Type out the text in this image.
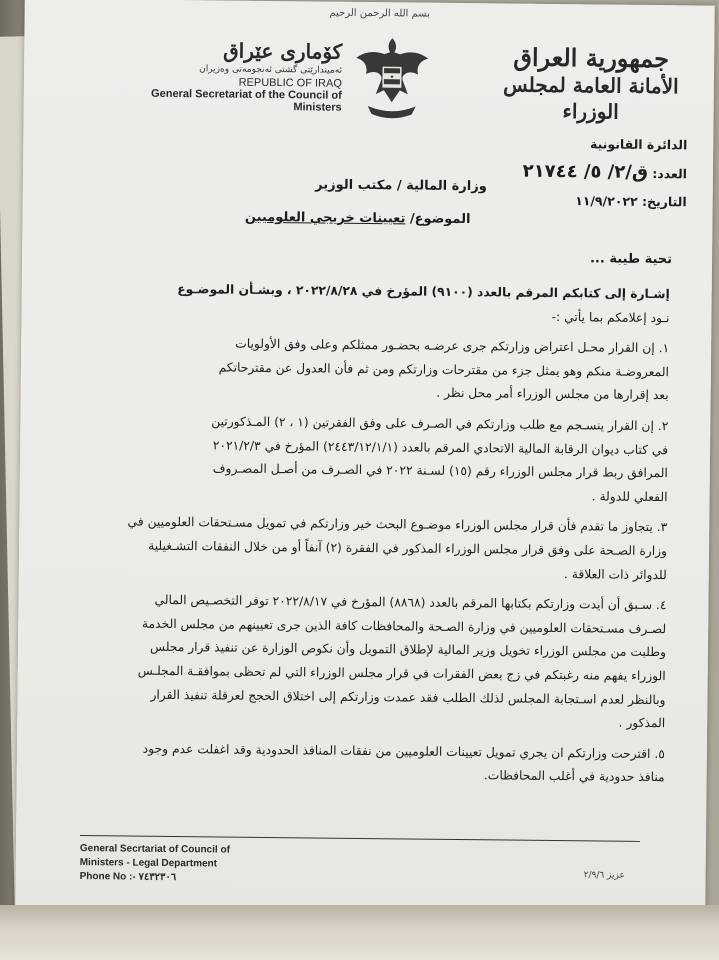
بسم الله الرحمن الرحيم
جمهورية العراق
الأمانة العامة لمجلس الوزراء
★
كۆماری عێراق
ئەمیندارێتی گشتی ئەنجومەنی وەزیران
REPUBLIC OF IRAQ
General Secretariat of the Council of Ministers
الدائرة القانونية
العدد: ق/٢/ ٥/ ٢١٧٤٤
التاريخ: ١١/٩/٢٠٢٢
وزارة المالية / مكتب الوزير
الموضوع/ تعيينات خريجي العلوميين
تحية طيبة ...

إشـارة إلى كتابكم المرقم بالعدد (٩١٠٠) المؤرخ في ٢٠٢٢/٨/٢٨ ، وبشـأن الموضـوع

نـود إعلامكم بما يأتي :-

١. إن القرار محـل اعتراض وزارتكم جرى عرضـه بحضـور ممثلكم وعلى وفق الأولويات

المعروضـة منكم وهو يمثل جزء من مقترحات وزارتكم ومن ثم فأن العدول عن مقترحاتكم

بعد إقرارها من مجلس الوزراء أمر محل نظر .

٢. إن القرار ينسـجم مع طلب وزارتكم في الصـرف على وفق الفقرتين (١ ، ٢) المـذكورتين

في كتاب ديوان الرقابة المالية الاتحادي المرقم بالعدد (٢٤٤٣/١٢/١/١) المؤرخ في ٢٠٢١/٢/٣

المرافق ربط قرار مجلس الوزراء رقم (١٥) لسـنة ٢٠٢٢ في الصـرف من أصـل المصـروف

الفعلي للدولة .

٣. يتجاوز ما تقدم فأن قرار مجلس الوزراء موضـوع البحث خير وزارتكم في تمويل مسـتحقات العلوميين في

وزارة الصـحة على وفق قرار مجلس الوزراء المذكور في الفقرة (٢) آنفاً أو من خلال النفقات التشـغيلية

للدوائر ذات العلاقة .

٤. سـبق أن أيدت وزارتكم بكتابها المرقم بالعدد (٨٨٦٨) المؤرخ في ٢٠٢٢/٨/١٧ توفر التخصـيص المالي

لصـرف مسـتحقات العلوميين في وزارة الصـحة والمحافظات كافة الذين جرى تعيينهم من مجلس الخدمة

وطلبت من مجلس الوزراء تخويل وزير المالية لإطلاق التمويل وأن نكوص الوزارة عن تنفيذ قرار مجلس

الوزراء يفهم منه رغبتكم في زج بعض الفقرات في قرار مجلس الوزراء التي لم تحظى بموافقـة المجلـس

وبالنظر لعدم اسـتجابة المجلس لذلك الطلب فقد عمدت وزارتكم إلى اختلاق الحجج لعرقلة تنفيذ القرار

المذكور .

٥. اقترحت وزارتكم ان يجري تمويل تعيينات العلوميين من نفقات المنافذ الحدودية وقد اغفلت عدم وجود

منافذ حدودية في أغلب المحافظات.

General Secrtariat of Council of
Ministers - Legal Department
Phone No :- ٧٤٣٢٣٠٦	عزيز ٢/٩/٦
